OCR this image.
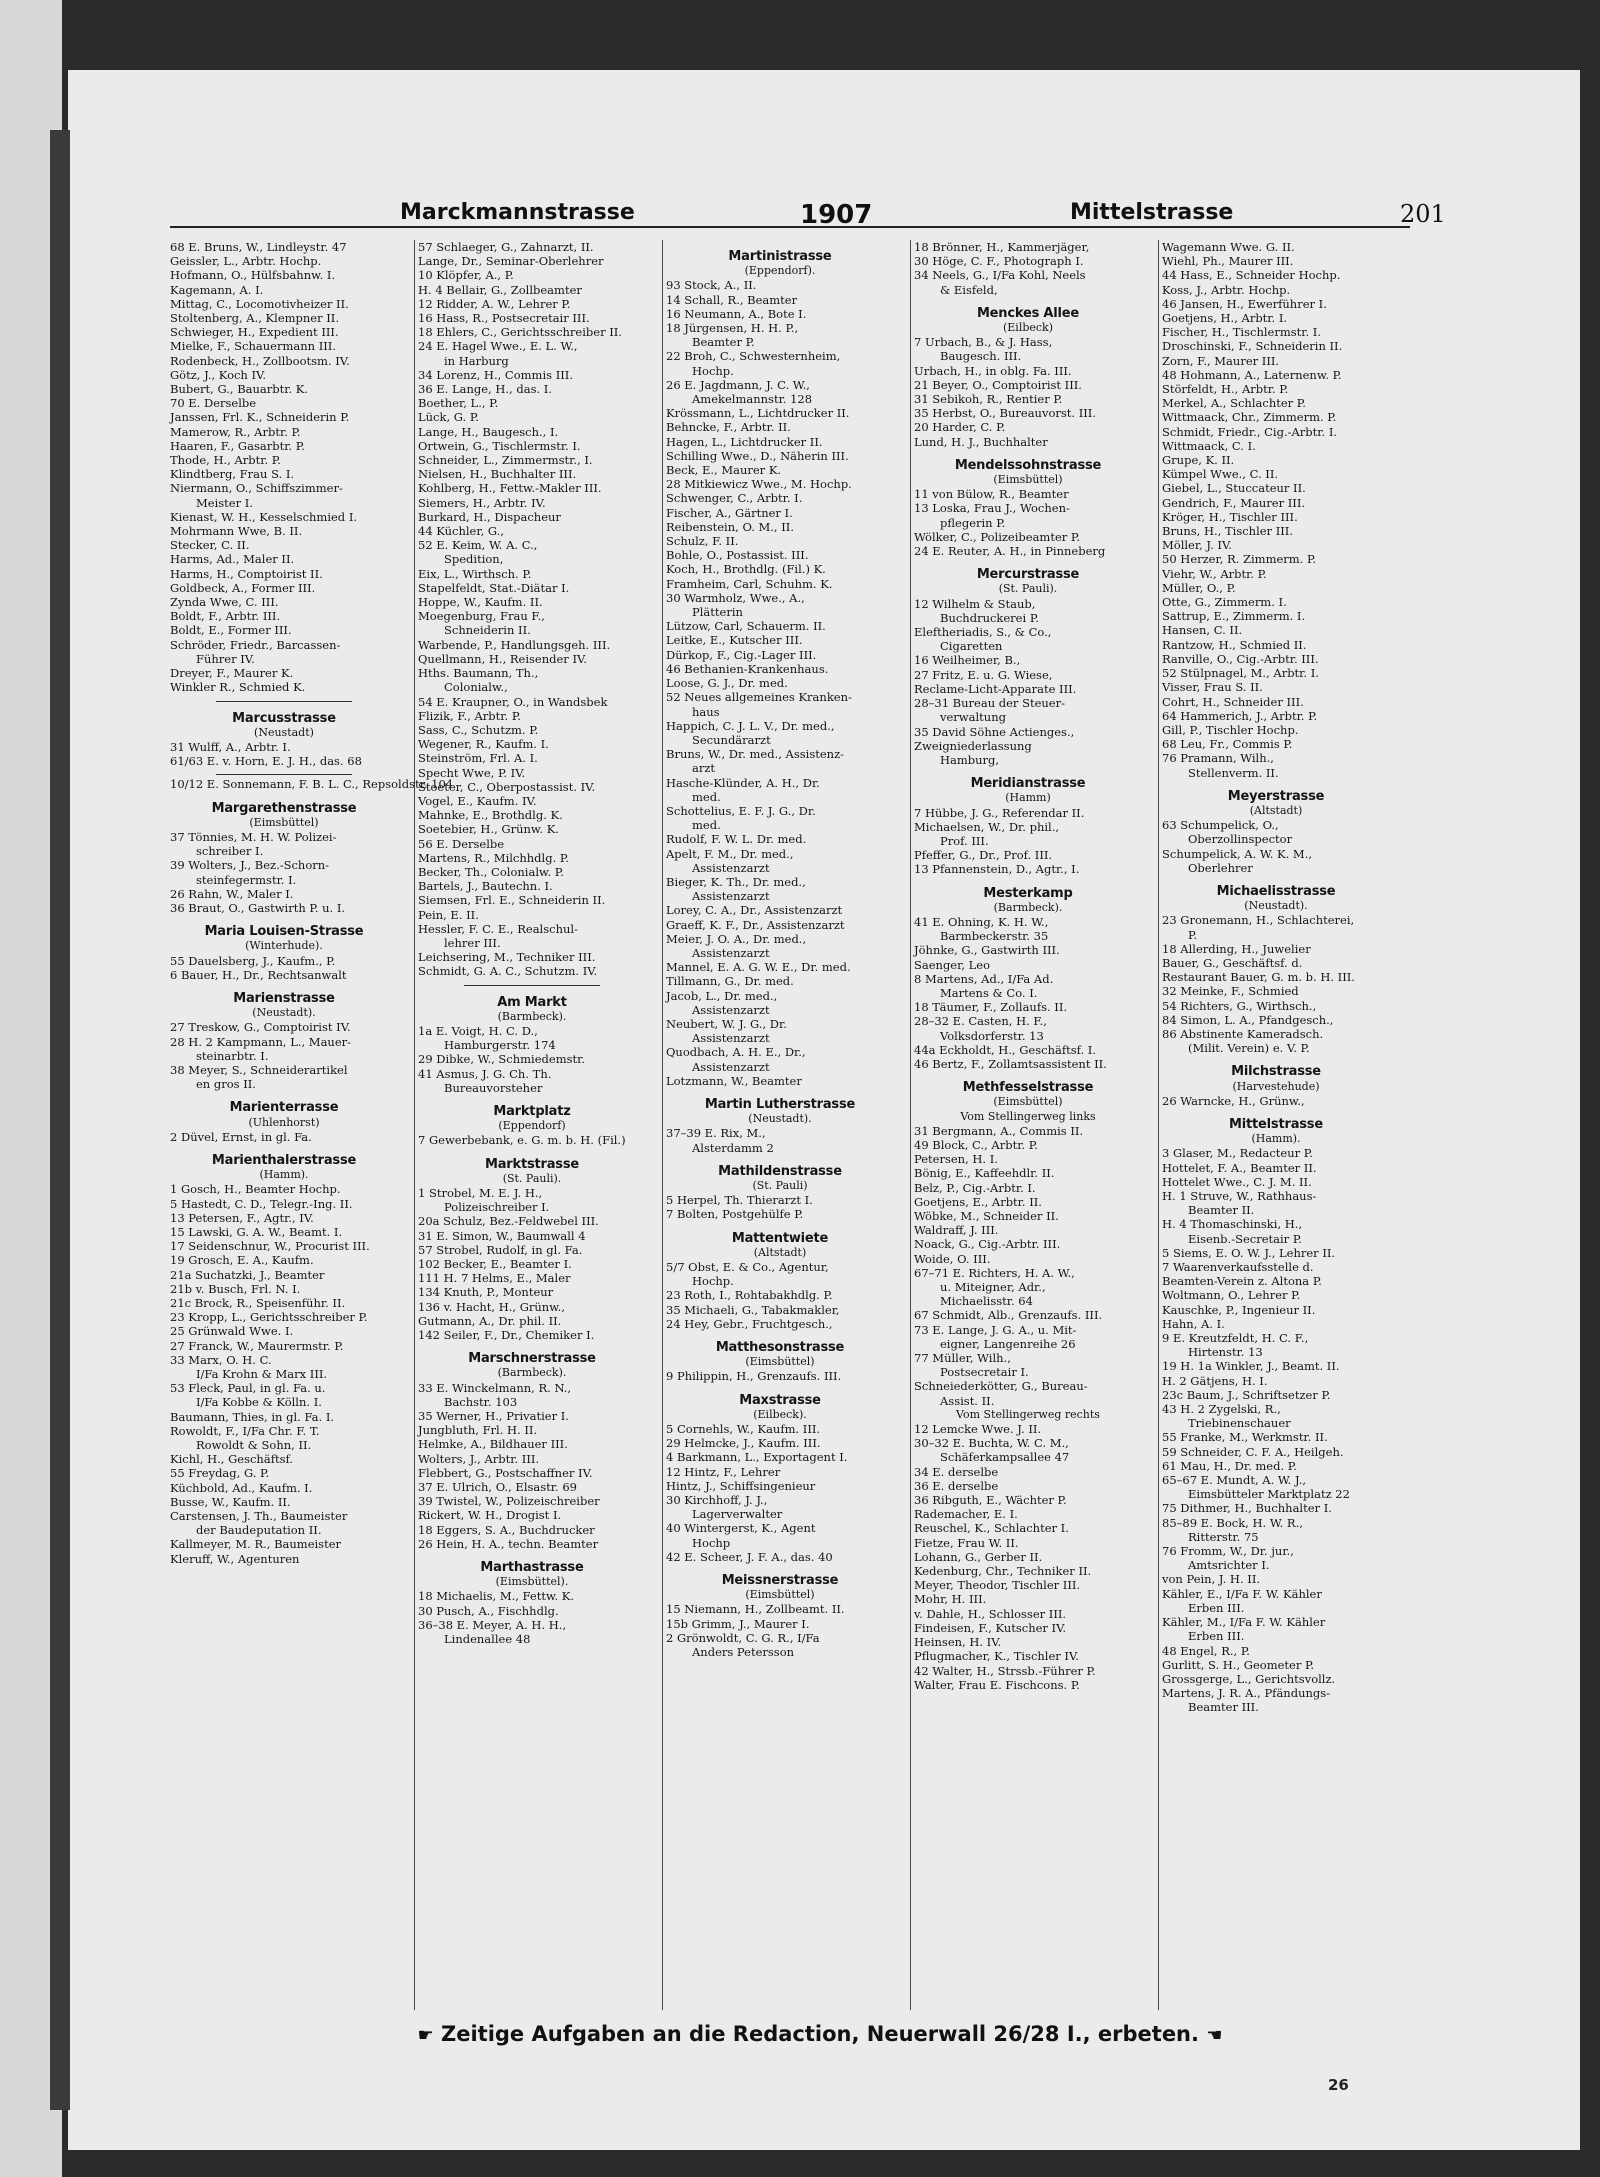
Marckmannstrasse	1907	Mittelstrasse	201
68 E. Bruns, W., Lindleystr. 47
Geissler, L., Arbtr. Hochp.
Hofmann, O., Hülfsbahnw. I.
Kagemann, A. I.
Mittag, C., Locomotivheizer II.
Stoltenberg, A., Klempner II.
Schwieger, H., Expedient III.
Mielke, F., Schauermann III.
Rodenbeck, H., Zollbootsm. IV.
Götz, J., Koch IV.
Bubert, G., Bauarbtr. K.
70 E. Derselbe
Janssen, Frl. K., Schneiderin P.
Mamerow, R., Arbtr. P.
Haaren, F., Gasarbtr. P.
Thode, H., Arbtr. P.
Klindtberg, Frau S. I.
Niermann, O., Schiffszimmer-
Meister I.
Kienast, W. H., Kesselschmied I.
Mohrmann Wwe, B. II.
Stecker, C. II.
Harms, Ad., Maler II.
Harms, H., Comptoirist II.
Goldbeck, A., Former III.
Zynda Wwe, C. III.
Boldt, F., Arbtr. III.
Boldt, E., Former III.
Schröder, Friedr., Barcassen-
Führer IV.
Dreyer, F., Maurer K.
Winkler R., Schmied K.
Marcusstrasse
(Neustadt)
31 Wulff, A., Arbtr. I.
61/63 E. v. Horn, E. J. H., das. 68
10/12 E. Sonnemann, F. B. L. C., Repsoldstr. 104
Margarethenstrasse
(Eimsbüttel)
37 Tönnies, M. H. W. Polizei-
schreiber I.
39 Wolters, J., Bez.-Schorn-
steinfegermstr. I.
26 Rahn, W., Maler I.
36 Braut, O., Gastwirth P. u. I.
Maria Louisen-Strasse
(Winterhude).
55 Dauelsberg, J., Kaufm., P.
6 Bauer, H., Dr., Rechtsanwalt
Marienstrasse
(Neustadt).
27 Treskow, G., Comptoirist IV.
28 H. 2 Kampmann, L., Mauer-
steinarbtr. I.
38 Meyer, S., Schneiderartikel
en gros II.
Marienterrasse
(Uhlenhorst)
2 Düvel, Ernst, in gl. Fa.
Marienthalerstrasse
(Hamm).
1 Gosch, H., Beamter Hochp.
5 Hastedt, C. D., Telegr.-Ing. II.
13 Petersen, F., Agtr., IV.
15 Lawski, G. A. W., Beamt. I.
17 Seidenschnur, W., Procurist III.
19 Grosch, E. A., Kaufm.
21a Suchatzki, J., Beamter
21b v. Busch, Frl. N. I.
21c Brock, R., Speisenführ. II.
23 Kropp, L., Gerichtsschreiber P.
25 Grünwald Wwe. I.
27 Franck, W., Maurermstr. P.
33 Marx, O. H. C.
I/Fa Krohn & Marx III.
53 Fleck, Paul, in gl. Fa. u.
I/Fa Kobbe & Kölln. I.
Baumann, Thies, in gl. Fa. I.
Rowoldt, F., I/Fa Chr. F. T.
Rowoldt & Sohn, II.
Kichl, H., Geschäftsf.
55 Freydag, G. P.
Küchbold, Ad., Kaufm. I.
Busse, W., Kaufm. II.
Carstensen, J. Th., Baumeister
der Baudeputation II.
Kallmeyer, M. R., Baumeister
Kleruff, W., Agenturen
57 Schlaeger, G., Zahnarzt, II.
Lange, Dr., Seminar-Oberlehrer
10 Klöpfer, A., P.
H. 4 Bellair, G., Zollbeamter
12 Ridder, A. W., Lehrer P.
16 Hass, R., Postsecretair III.
18 Ehlers, C., Gerichtsschreiber II.
24 E. Hagel Wwe., E. L. W.,
in Harburg
34 Lorenz, H., Commis III.
36 E. Lange, H., das. I.
Boether, L., P.
Lück, G. P.
Lange, H., Baugesch., I.
Ortwein, G., Tischlermstr. I.
Schneider, L., Zimmermstr., I.
Nielsen, H., Buchhalter III.
Kohlberg, H., Fettw.-Makler III.
Siemers, H., Arbtr. IV.
Burkard, H., Dispacheur
44 Küchler, G.,
52 E. Keim, W. A. C.,
Spedition,
Eix, L., Wirthsch. P.
Stapelfeldt, Stat.-Diätar I.
Hoppe, W., Kaufm. II.
Moegenburg, Frau F.,
Schneiderin II.
Warbende, P., Handlungsgeh. III.
Quellmann, H., Reisender IV.
Hths. Baumann, Th.,
Colonialw.,
54 E. Kraupner, O., in Wandsbek
Flizik, F., Arbtr. P.
Sass, C., Schutzm. P.
Wegener, R., Kaufm. I.
Steinström, Frl. A. I.
Specht Wwe, P. IV.
Stoeter, C., Oberpostassist. IV.
Vogel, E., Kaufm. IV.
Mahnke, E., Brothdlg. K.
Soetebier, H., Grünw. K.
56 E. Derselbe
Martens, R., Milchhdlg. P.
Becker, Th., Colonialw. P.
Bartels, J., Bautechn. I.
Siemsen, Frl. E., Schneiderin II.
Pein, E. II.
Hessler, F. C. E., Realschul-
lehrer III.
Leichsering, M., Techniker III.
Schmidt, G. A. C., Schutzm. IV.
Am Markt
(Barmbeck).
1a E. Voigt, H. C. D.,
Hamburgerstr. 174
29 Dibke, W., Schmiedemstr.
41 Asmus, J. G. Ch. Th.
Bureauvorsteher
Marktplatz
(Eppendorf)
7 Gewerbebank, e. G. m. b. H. (Fil.)
Marktstrasse
(St. Pauli).
1 Strobel, M. E. J. H.,
Polizeischreiber I.
20a Schulz, Bez.-Feldwebel III.
31 E. Simon, W., Baumwall 4
57 Strobel, Rudolf, in gl. Fa.
102 Becker, E., Beamter I.
111 H. 7 Helms, E., Maler
134 Knuth, P., Monteur
136 v. Hacht, H., Grünw.,
Gutmann, A., Dr. phil. II.
142 Seiler, F., Dr., Chemiker I.
Marschnerstrasse
(Barmbeck).
33 E. Winckelmann, R. N.,
Bachstr. 103
35 Werner, H., Privatier I.
Jungbluth, Frl. H. II.
Helmke, A., Bildhauer III.
Wolters, J., Arbtr. III.
Flebbert, G., Postschaffner IV.
37 E. Ulrich, O., Elsastr. 69
39 Twistel, W., Polizeischreiber
Rickert, W. H., Drogist I.
18 Eggers, S. A., Buchdrucker
26 Hein, H. A., techn. Beamter
Marthastrasse
(Eimsbüttel).
18 Michaelis, M., Fettw. K.
30 Pusch, A., Fischhdlg.
36–38 E. Meyer, A. H. H.,
Lindenallee 48
Martinistrasse
(Eppendorf).
93 Stock, A., II.
14 Schall, R., Beamter
16 Neumann, A., Bote I.
18 Jürgensen, H. H. P.,
Beamter P.
22 Broh, C., Schwesternheim,
Hochp.
26 E. Jagdmann, J. C. W.,
Amekelmannstr. 128
Krössmann, L., Lichtdrucker II.
Behncke, F., Arbtr. II.
Hagen, L., Lichtdrucker II.
Schilling Wwe., D., Näherin III.
Beck, E., Maurer K.
28 Mitkiewicz Wwe., M. Hochp.
Schwenger, C., Arbtr. I.
Fischer, A., Gärtner I.
Reibenstein, O. M., II.
Schulz, F. II.
Bohle, O., Postassist. III.
Koch, H., Brothdlg. (Fil.) K.
Framheim, Carl, Schuhm. K.
30 Warmholz, Wwe., A.,
Plätterin
Lützow, Carl, Schauerm. II.
Leitke, E., Kutscher III.
Dürkop, F., Cig.-Lager III.
46 Bethanien-Krankenhaus.
Loose, G. J., Dr. med.
52 Neues allgemeines Kranken-
haus
Happich, C. J. L. V., Dr. med.,
Secundärarzt
Bruns, W., Dr. med., Assistenz-
arzt
Hasche-Klünder, A. H., Dr.
med.
Schottelius, E. F. J. G., Dr.
med.
Rudolf, F. W. L. Dr. med.
Apelt, F. M., Dr. med.,
Assistenzarzt
Bieger, K. Th., Dr. med.,
Assistenzarzt
Lorey, C. A., Dr., Assistenzarzt
Graeff, K. F., Dr., Assistenzarzt
Meier, J. O. A., Dr. med.,
Assistenzarzt
Mannel, E. A. G. W. E., Dr. med.
Tillmann, G., Dr. med.
Jacob, L., Dr. med.,
Assistenzarzt
Neubert, W. J. G., Dr.
Assistenzarzt
Quodbach, A. H. E., Dr.,
Assistenzarzt
Lotzmann, W., Beamter
Martin Lutherstrasse
(Neustadt).
37–39 E. Rix, M.,
Alsterdamm 2
Mathildenstrasse
(St. Pauli)
5 Herpel, Th. Thierarzt I.
7 Bolten, Postgehülfe P.
Mattentwiete
(Altstadt)
5/7 Obst, E. & Co., Agentur,
Hochp.
23 Roth, I., Rohtabakhdlg. P.
35 Michaeli, G., Tabakmakler,
24 Hey, Gebr., Fruchtgesch.,
Matthesonstrasse
(Eimsbüttel)
9 Philippin, H., Grenzaufs. III.
Maxstrasse
(Eilbeck).
5 Cornehls, W., Kaufm. III.
29 Helmcke, J., Kaufm. III.
4 Barkmann, L., Exportagent I.
12 Hintz, F., Lehrer
Hintz, J., Schiffsingenieur
30 Kirchhoff, J. J.,
Lagerverwalter
40 Wintergerst, K., Agent
Hochp
42 E. Scheer, J. F. A., das. 40
Meissnerstrasse
(Eimsbüttel)
15 Niemann, H., Zollbeamt. II.
15b Grimm, J., Maurer I.
2 Grönwoldt, C. G. R., I/Fa
Anders Petersson
18 Brönner, H., Kammerjäger,
30 Höge, C. F., Photograph I.
34 Neels, G., I/Fa Kohl, Neels
& Eisfeld,
Menckes Allee
(Eilbeck)
7 Urbach, B., & J. Hass,
Baugesch. III.
Urbach, H., in oblg. Fa. III.
21 Beyer, O., Comptoirist III.
31 Sebikoh, R., Rentier P.
35 Herbst, O., Bureauvorst. III.
20 Harder, C. P.
Lund, H. J., Buchhalter
Mendelssohnstrasse
(Eimsbüttel)
11 von Bülow, R., Beamter
13 Loska, Frau J., Wochen-
pflegerin P.
Wölker, C., Polizeibeamter P.
24 E. Reuter, A. H., in Pinneberg
Mercurstrasse
(St. Pauli).
12 Wilhelm & Staub,
Buchdruckerei P.
Eleftheriadis, S., & Co.,
Cigaretten
16 Weilheimer, B.,
27 Fritz, E. u. G. Wiese,
Reclame-Licht-Apparate III.
28–31 Bureau der Steuer-
verwaltung
35 David Söhne Actienges.,
Zweigniederlassung
Hamburg,
Meridianstrasse
(Hamm)
7 Hübbe, J. G., Referendar II.
Michaelsen, W., Dr. phil.,
Prof. III.
Pfeffer, G., Dr., Prof. III.
13 Pfannenstein, D., Agtr., I.
Mesterkamp
(Barmbeck).
41 E. Ohning, K. H. W.,
Barmbeckerstr. 35
Jöhnke, G., Gastwirth III.
Saenger, Leo
8 Martens, Ad., I/Fa Ad.
Martens & Co. I.
18 Täumer, F., Zollaufs. II.
28–32 E. Casten, H. F.,
Volksdorferstr. 13
44a Eckholdt, H., Geschäftsf. I.
46 Bertz, F., Zollamtsassistent II.
Methfesselstrasse
(Eimsbüttel)
Vom Stellingerweg links
31 Bergmann, A., Commis II.
49 Block, C., Arbtr. P.
Petersen, H. I.
Bönig, E., Kaffeehdlr. II.
Belz, P., Cig.-Arbtr. I.
Goetjens, E., Arbtr. II.
Wöbke, M., Schneider II.
Waldraff, J. III.
Noack, G., Cig.-Arbtr. III.
Woide, O. III.
67–71 E. Richters, H. A. W.,
u. Miteigner, Adr.,
Michaelisstr. 64
67 Schmidt, Alb., Grenzaufs. III.
73 E. Lange, J. G. A., u. Mit-
eigner, Langenreihe 26
77 Müller, Wilh.,
Postsecretair I.
Schneiederkötter, G., Bureau-
Assist. II.
Vom Stellingerweg rechts
12 Lemcke Wwe. J. II.
30–32 E. Buchta, W. C. M.,
Schäferkampsallee 47
34 E. derselbe
36 E. derselbe
36 Ribguth, E., Wächter P.
Rademacher, E. I.
Reuschel, K., Schlachter I.
Fietze, Frau W. II.
Lohann, G., Gerber II.
Kedenburg, Chr., Techniker II.
Meyer, Theodor, Tischler III.
Mohr, H. III.
v. Dahle, H., Schlosser III.
Findeisen, F., Kutscher IV.
Heinsen, H. IV.
Pflugmacher, K., Tischler IV.
42 Walter, H., Strssb.-Führer P.
Walter, Frau E. Fischcons. P.
Wagemann Wwe. G. II.
Wiehl, Ph., Maurer III.
44 Hass, E., Schneider Hochp.
Koss, J., Arbtr. Hochp.
46 Jansen, H., Ewerführer I.
Goetjens, H., Arbtr. I.
Fischer, H., Tischlermstr. I.
Droschinski, F., Schneiderin II.
Zorn, F., Maurer III.
48 Hohmann, A., Laternenw. P.
Störfeldt, H., Arbtr. P.
Merkel, A., Schlachter P.
Wittmaack, Chr., Zimmerm. P.
Schmidt, Friedr., Cig.-Arbtr. I.
Wittmaack, C. I.
Grupe, K. II.
Kümpel Wwe., C. II.
Giebel, L., Stuccateur II.
Gendrich, F., Maurer III.
Kröger, H., Tischler III.
Bruns, H., Tischler III.
Möller, J. IV.
50 Herzer, R. Zimmerm. P.
Viehr, W., Arbtr. P.
Müller, O., P.
Otte, G., Zimmerm. I.
Sattrup, E., Zimmerm. I.
Hansen, C. II.
Rantzow, H., Schmied II.
Ranville, O., Cig.-Arbtr. III.
52 Stülpnagel, M., Arbtr. I.
Visser, Frau S. II.
Cohrt, H., Schneider III.
64 Hammerich, J., Arbtr. P.
Gill, P., Tischler Hochp.
68 Leu, Fr., Commis P.
76 Pramann, Wilh.,
Stellenverm. II.
Meyerstrasse
(Altstadt)
63 Schumpelick, O.,
Oberzollinspector
Schumpelick, A. W. K. M.,
Oberlehrer
Michaelisstrasse
(Neustadt).
23 Gronemann, H., Schlachterei,
P.
18 Allerding, H., Juwelier
Bauer, G., Geschäftsf. d.
Restaurant Bauer, G. m. b. H. III.
32 Meinke, F., Schmied
54 Richters, G., Wirthsch.,
84 Simon, L. A., Pfandgesch.,
86 Abstinente Kameradsch.
(Milit. Verein) e. V. P.
Milchstrasse
(Harvestehude)
26 Warncke, H., Grünw.,
Mittelstrasse
(Hamm).
3 Glaser, M., Redacteur P.
Hottelet, F. A., Beamter II.
Hottelet Wwe., C. J. M. II.
H. 1 Struve, W., Rathhaus-
Beamter II.
H. 4 Thomaschinski, H.,
Eisenb.-Secretair P.
5 Siems, E. O. W. J., Lehrer II.
7 Waarenverkaufsstelle d.
Beamten-Verein z. Altona P.
Woltmann, O., Lehrer P.
Kauschke, P., Ingenieur II.
Hahn, A. I.
9 E. Kreutzfeldt, H. C. F.,
Hirtenstr. 13
19 H. 1a Winkler, J., Beamt. II.
H. 2 Gätjens, H. I.
23c Baum, J., Schriftsetzer P.
43 H. 2 Zygelski, R.,
Triebinenschauer
55 Franke, M., Werkmstr. II.
59 Schneider, C. F. A., Heilgeh.
61 Mau, H., Dr. med. P.
65–67 E. Mundt, A. W. J.,
Eimsbütteler Marktplatz 22
75 Dithmer, H., Buchhalter I.
85–89 E. Bock, H. W. R.,
Ritterstr. 75
76 Fromm, W., Dr. jur.,
Amtsrichter I.
von Pein, J. H. II.
Kähler, E., I/Fa F. W. Kähler
Erben III.
Kähler, M., I/Fa F. W. Kähler
Erben III.
48 Engel, R., P.
Gurlitt, S. H., Geometer P.
Grossgerge, L., Gerichtsvollz.
Martens, J. R. A., Pfändungs-
Beamter III.
☛ Zeitige Aufgaben an die Redaction, Neuerwall 26/28 I., erbeten. ☚
26
